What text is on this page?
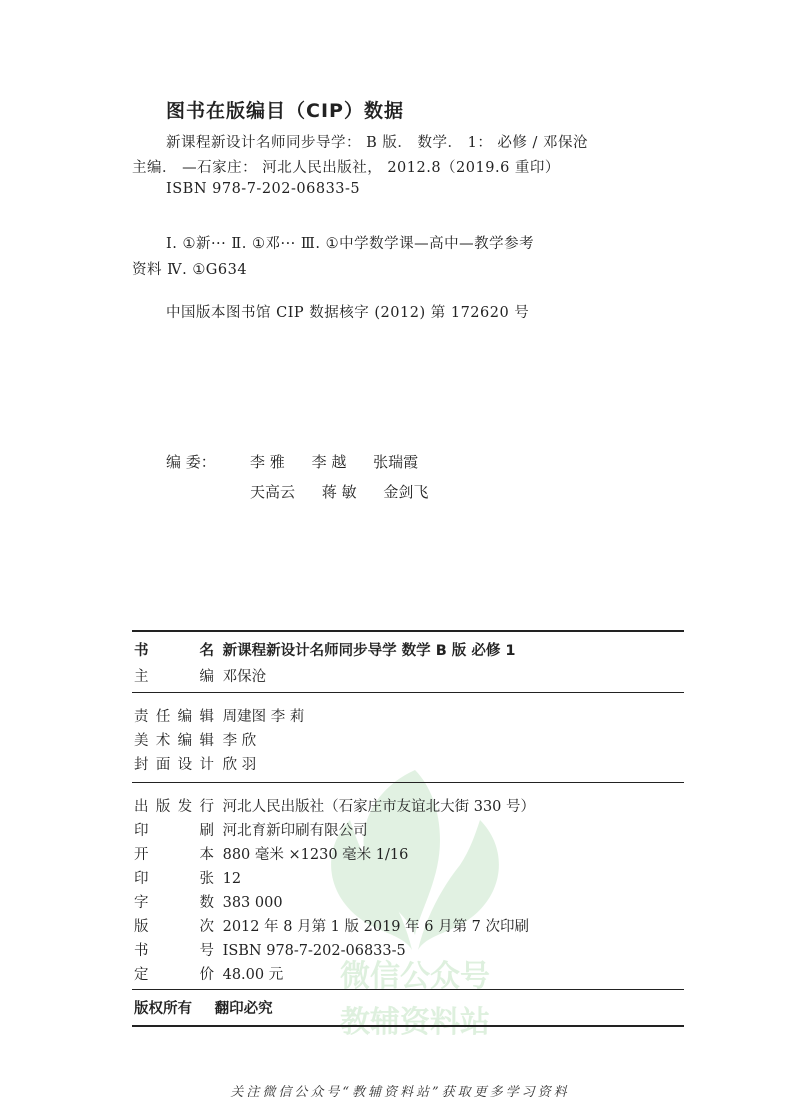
图书在版编目（CIP）数据
新课程新设计名师同步导学： B 版． 数学． 1： 必修 / 邓保沧
主编． —石家庄： 河北人民出版社， 2012.8（2019.6 重印）
ISBN 978-7-202-06833-5
Ⅰ. ①新··· Ⅱ. ①邓··· Ⅲ. ①中学数学课—高中—教学参考
资料 Ⅳ. ①G634
中国版本图书馆 CIP 数据核字 (2012) 第 172620 号
编 委： 李 雅 李 越 张瑞霞
天高云 蒋 敏 金剑飞
微信公众号
教辅资料站
书 名 新课程新设计名师同步导学 数学 B 版 必修 1
主 编 邓保沧
责任编辑 周建图 李 莉
美术编辑 李 欣
封面设计 欣 羽
出版发行 河北人民出版社（石家庄市友谊北大街 330 号）
印 刷 河北育新印刷有限公司
开 本 880 毫米 ×1230 毫米 1/16
印 张 12
字 数 383 000
版 次 2012 年 8 月第 1 版 2019 年 6 月第 7 次印刷
书 号 ISBN 978-7-202-06833-5
定 价 48.00 元
版权所有 翻印必究
关注微信公众号“教辅资料站”获取更多学习资料
